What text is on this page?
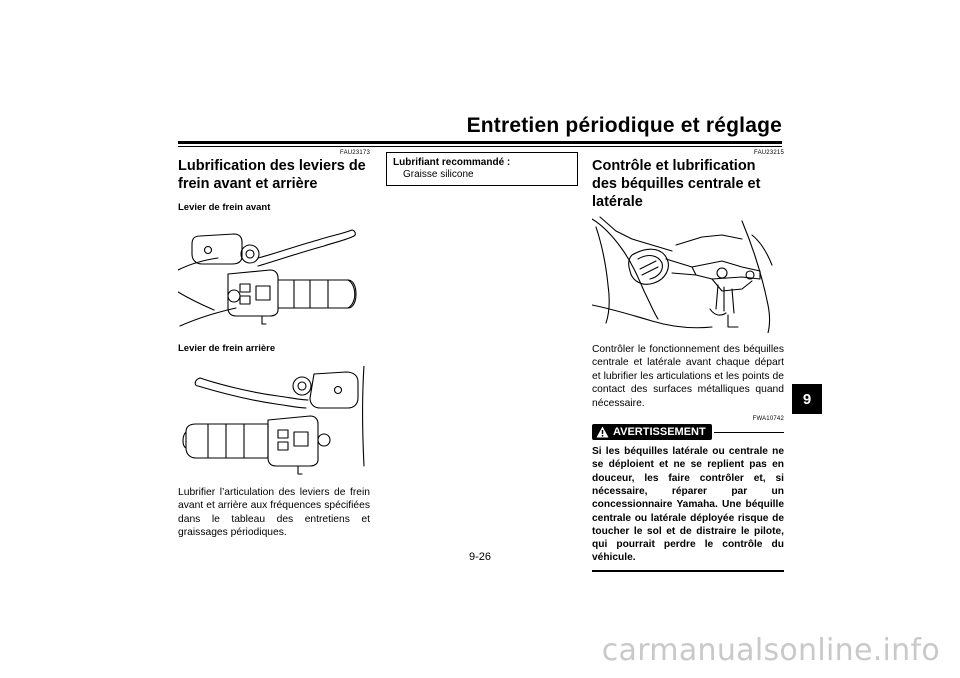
Entretien périodique et réglage
9
FAU23173
Lubrification des leviers de frein avant et arrière
Levier de frein avant
Levier de frein arrière
Lubrifier l’articulation des leviers de frein avant et arrière aux fréquences spécifiées dans le tableau des entretiens et graissages périodiques.
Lubrifiant recommandé :
Graisse silicone
FAU23215
Contrôle et lubrification des béquilles centrale et latérale
Contrôler le fonctionnement des béquilles centrale et latérale avant chaque départ et lubrifier les articulations et les points de contact des surfaces métalliques quand nécessaire.
FWA10742
AVERTISSEMENT
Si les béquilles latérale ou centrale ne se déploient et ne se replient pas en douceur, les faire contrôler et, si nécessaire, réparer par un concessionnaire Yamaha. Une béquille centrale ou latérale déployée risque de toucher le sol et de distraire le pilote, qui pourrait perdre le contrôle du véhicule.
9-26
carmanualsonline.info
